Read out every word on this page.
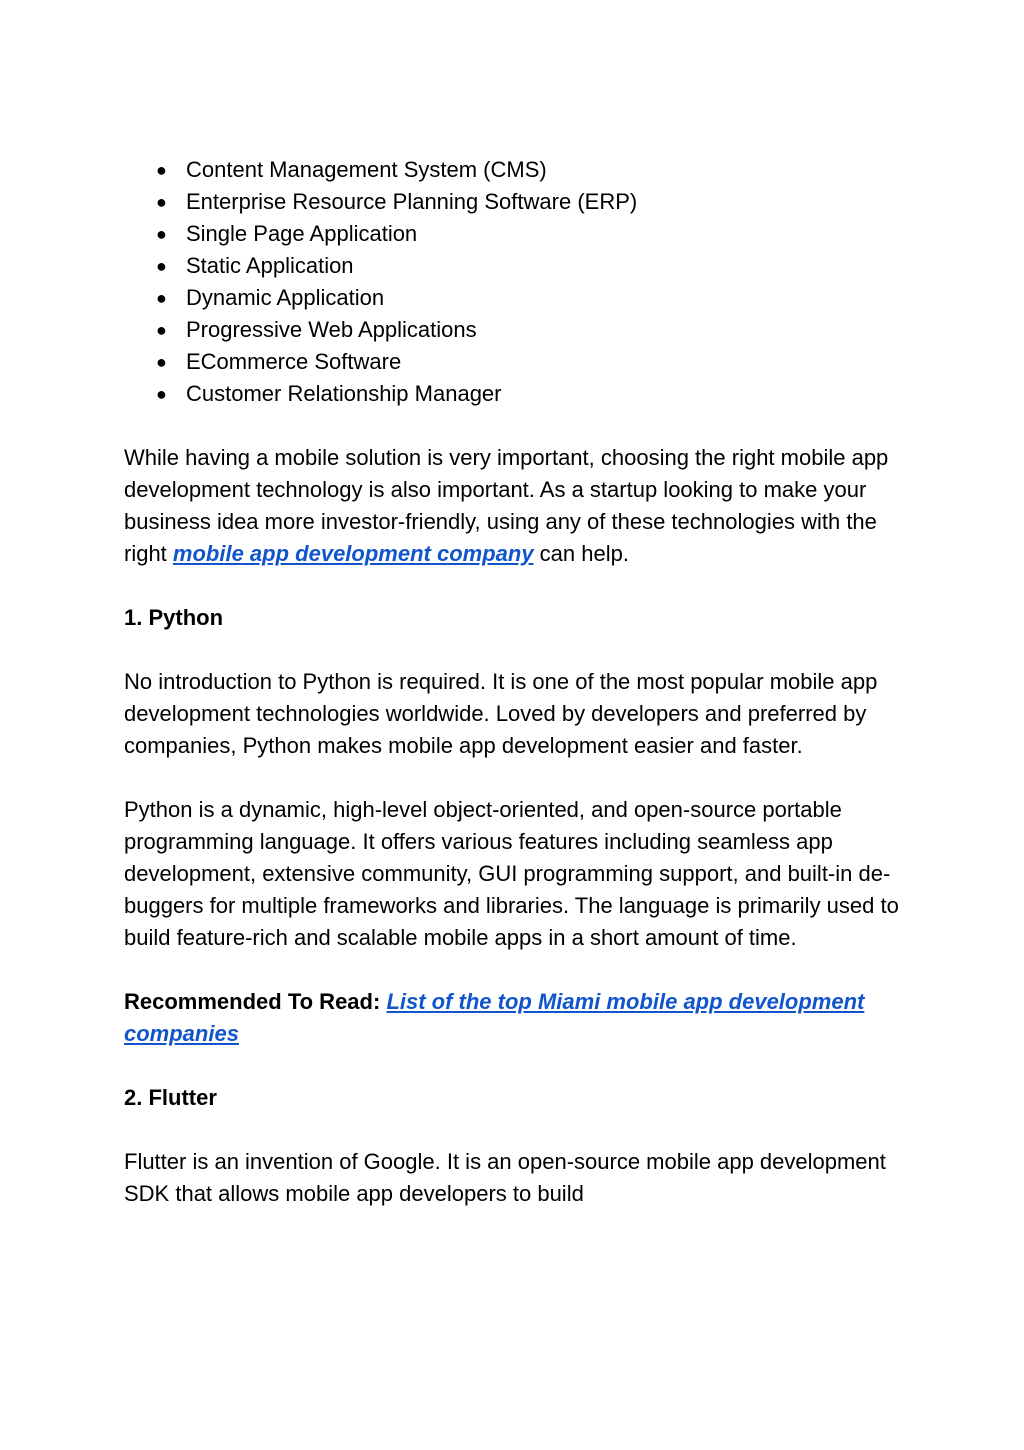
● Content Management System (CMS)
● Enterprise Resource Planning Software (ERP)
● Single Page Application
● Static Application
● Dynamic Application
● Progressive Web Applications
● ECommerce Software
● Customer Relationship Manager

While having a mobile solution is very important, choosing the right mobile app development technology is also important. As a startup looking to make your business idea more investor-friendly, using any of these technologies with the right mobile app development company can help.

1. Python

No introduction to Python is required. It is one of the most popular mobile app development technologies worldwide. Loved by developers and preferred by companies, Python makes mobile app development easier and faster.

Python is a dynamic, high-level object-oriented, and open-source portable programming language. It offers various features including seamless app development, extensive community, GUI programming support, and built-in de-buggers for multiple frameworks and libraries. The language is primarily used to build feature-rich and scalable mobile apps in a short amount of time.

Recommended To Read: List of the top Miami mobile app development companies

2. Flutter

Flutter is an invention of Google. It is an open-source mobile app development SDK that allows mobile app developers to build
